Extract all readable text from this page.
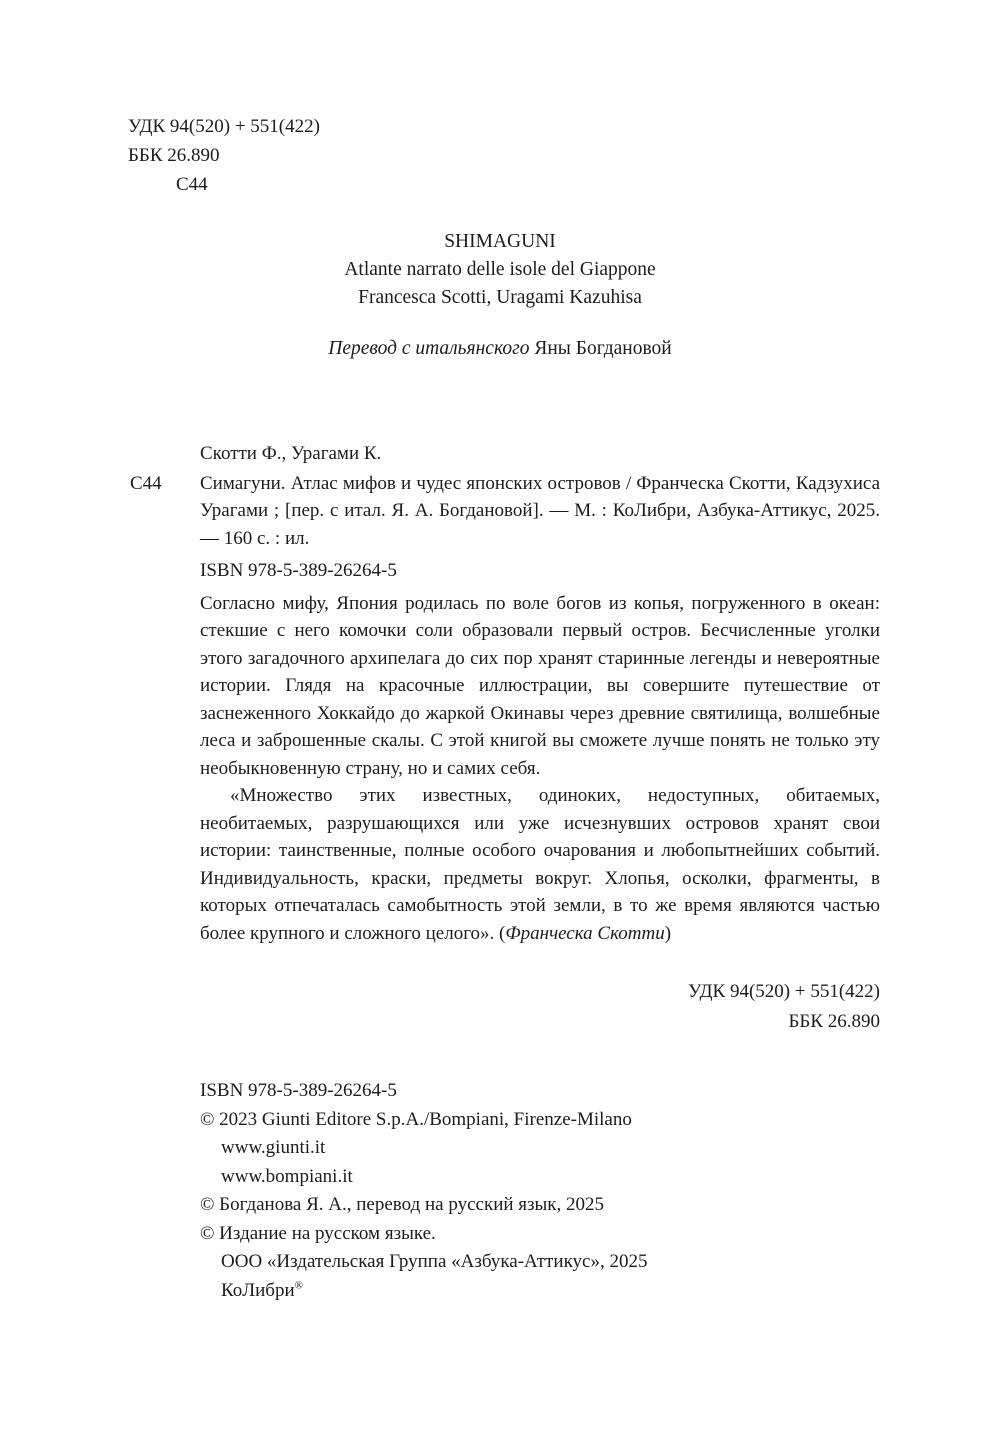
УДК 94(520) + 551(422)
ББК 26.890
С44
SHIMAGUNI
Atlante narrato delle isole del Giappone
Francesca Scotti, Uragami Kazuhisa
Перевод с итальянского Яны Богдановой
Скотти Ф., Урагами К.
С44 Симагуни. Атлас мифов и чудес японских островов / Франческа Скотти, Кадзухиса Урагами ; [пер. с итал. Я. А. Богдановой]. — М. : КоЛибри, Азбука-Аттикус, 2025. — 160 с. : ил.
ISBN 978-5-389-26264-5
Согласно мифу, Япония родилась по воле богов из копья, погруженного в океан: стекшие с него комочки соли образовали первый остров. Бесчисленные уголки этого загадочного архипелага до сих пор хранят старинные легенды и невероятные истории. Глядя на красочные иллюстрации, вы совершите путешествие от заснеженного Хоккайдо до жаркой Окинавы через древние святилища, волшебные леса и заброшенные скалы. С этой книгой вы сможете лучше понять не только эту необыкновенную страну, но и самих себя.
«Множество этих известных, одиноких, недоступных, обитаемых, необитаемых, разрушающихся или уже исчезнувших островов хранят свои истории: таинственные, полные особого очарования и любопытнейших событий. Индивидуальность, краски, предметы вокруг. Хлопья, осколки, фрагменты, в которых отпечаталась самобытность этой земли, в то же время являются частью более крупного и сложного целого». (Франческа Скотти)
УДК 94(520) + 551(422)
ББК 26.890
ISBN 978-5-389-26264-5
© 2023 Giunti Editore S.p.A./Bompiani, Firenze-Milano
www.giunti.it
www.bompiani.it
© Богданова Я. А., перевод на русский язык, 2025
© Издание на русском языке.
ООО «Издательская Группа «Азбука-Аттикус», 2025
КоЛибри®
